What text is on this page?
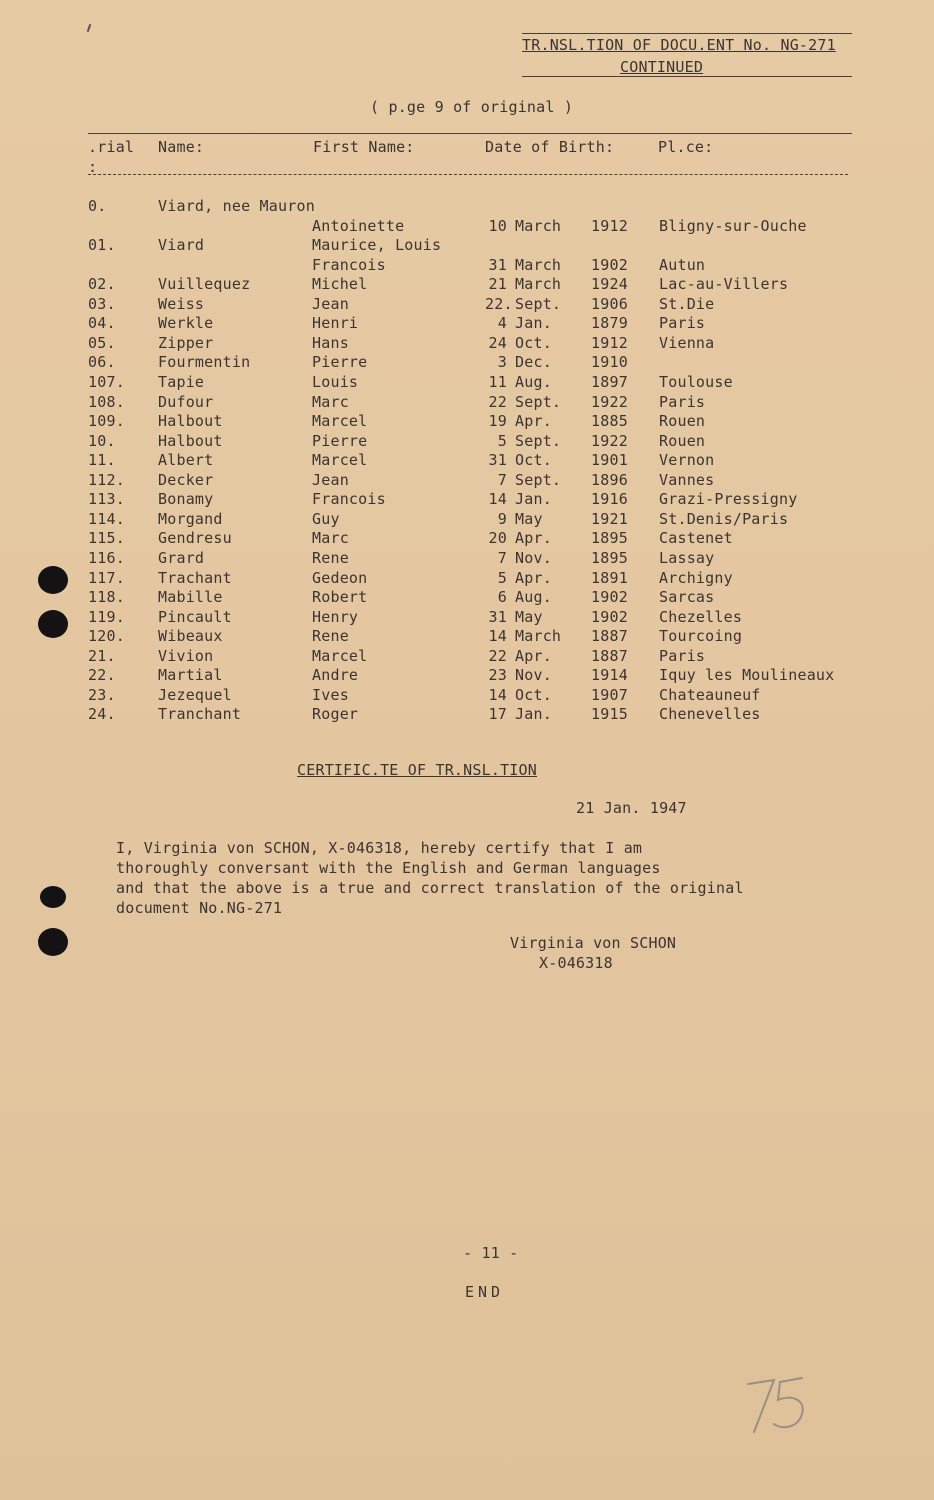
TR.NSL.TION OF DOCU.ENT No. NG-271
CONTINUED
( p.ge 9 of original )
.rial
:
Name:	First Name:	Date of Birth:	Pl.ce:
0.	Viard, nee Mauron
Antoinette	10 March 1912 Bligny-sur-Ouche
01.	Viard	Maurice, Louis
Francois	31 March 1902 Autun
02.	Vuillequez	Michel	21 March 1924 Lac-au-Villers
03.	Weiss	Jean	22. Sept. 1906 St.Die
04.	Werkle	Henri	4 Jan.	1879 Paris
05.	Zipper	Hans	24 Oct.	1912 Vienna
06.	Fourmentin	Pierre	3 Dec.	1910
107. Tapie	Louis	11 Aug.	1897 Toulouse
108. Dufour	Marc	22 Sept. 1922 Paris
109. Halbout	Marcel	19 Apr.	1885 Rouen
10.	Halbout	Pierre	5 Sept. 1922 Rouen
11.	Albert	Marcel	31 Oct.	1901 Vernon
112. Decker	Jean	7 Sept. 1896 Vannes
113. Bonamy	Francois	14 Jan.	1916 Grazi-Pressigny
114. Morgand	Guy	9 May	1921 St.Denis/Paris
115. Gendresu	Marc	20 Apr.	1895 Castenet
116. Grard	Rene	7 Nov.	1895 Lassay
117. Trachant	Gedeon	5 Apr.	1891 Archigny
118. Mabille	Robert	6 Aug.	1902 Sarcas
119. Pincault	Henry	31 May	1902 Chezelles
120. Wibeaux	Rene	14 March 1887 Tourcoing
21.	Vivion	Marcel	22 Apr.	1887 Paris
22.	Martial	Andre	23 Nov.	1914 Iquy les Moulineaux
23.	Jezequel	Ives	14 Oct.	1907 Chateauneuf
24.	Tranchant	Roger	17 Jan.	1915 Chenevelles
CERTIFIC.TE OF TR.NSL.TION
21 Jan. 1947
I, Virginia von SCHON, X-046318, hereby certify that I am
thoroughly conversant with the English and German languages
and that the above is a true and correct translation of the original
document No.NG-271
Virginia von SCHON
X-046318
- 11 -
END
